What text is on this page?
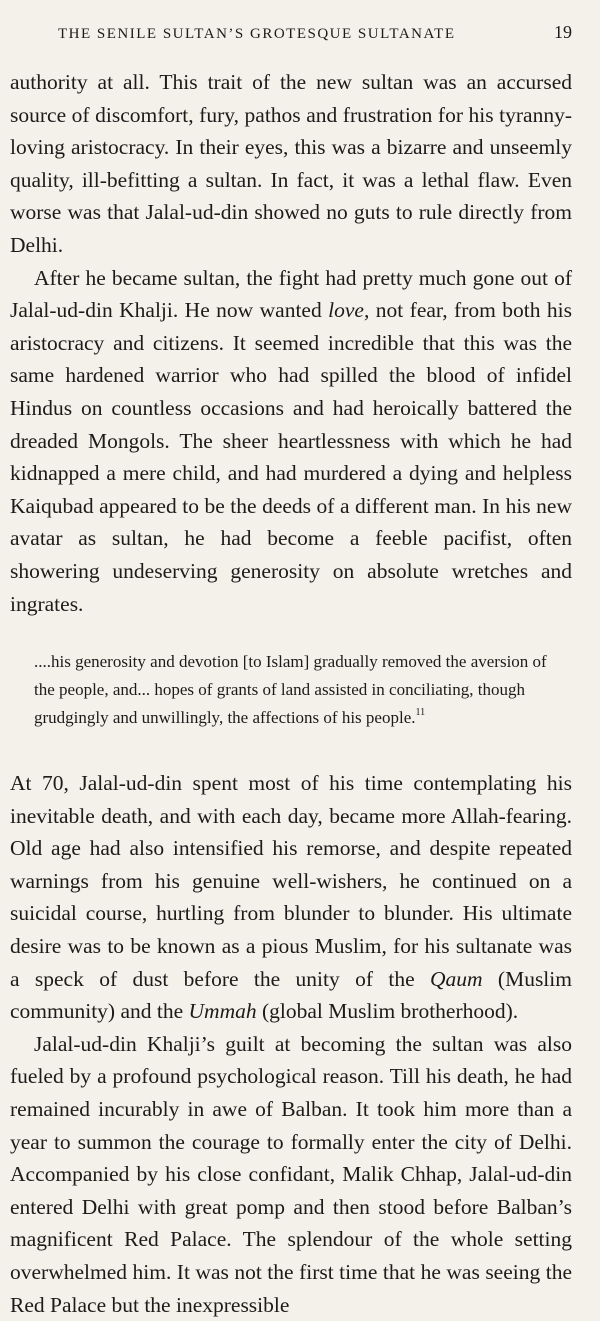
THE SENILE SULTAN’S GROTESQUE SULTANATE	19

authority at all. This trait of the new sultan was an accursed source of discomfort, fury, pathos and frustration for his tyranny-loving aristocracy. In their eyes, this was a bizarre and unseemly quality, ill-befitting a sultan. In fact, it was a lethal flaw. Even worse was that Jalal-ud-din showed no guts to rule directly from Delhi.

After he became sultan, the fight had pretty much gone out of Jalal-ud-din Khalji. He now wanted love, not fear, from both his aristocracy and citizens. It seemed incredible that this was the same hardened warrior who had spilled the blood of infidel Hindus on countless occasions and had heroically battered the dreaded Mongols. The sheer heartlessness with which he had kidnapped a mere child, and had murdered a dying and helpless Kaiqubad appeared to be the deeds of a different man. In his new avatar as sultan, he had become a feeble pacifist, often showering undeserving generosity on absolute wretches and ingrates.

....his generosity and devotion [to Islam] gradually removed the aversion of the people, and... hopes of grants of land assisted in conciliating, though grudgingly and unwillingly, the affections of his people.$^{11}$

At 70, Jalal-ud-din spent most of his time contemplating his inevitable death, and with each day, became more Allah-fearing. Old age had also intensified his remorse, and despite repeated warnings from his genuine well-wishers, he continued on a suicidal course, hurtling from blunder to blunder. His ultimate desire was to be known as a pious Muslim, for his sultanate was a speck of dust before the unity of the Qaum (Muslim community) and the Ummah (global Muslim brotherhood).

Jalal-ud-din Khalji’s guilt at becoming the sultan was also fueled by a profound psychological reason. Till his death, he had remained incurably in awe of Balban. It took him more than a year to summon the courage to formally enter the city of Delhi. Accompanied by his close confidant, Malik Chhap, Jalal-ud-din entered Delhi with great pomp and then stood before Balban’s magnificent Red Palace. The splendour of the whole setting overwhelmed him. It was not the first time that he was seeing the Red Palace but the inexpressible
